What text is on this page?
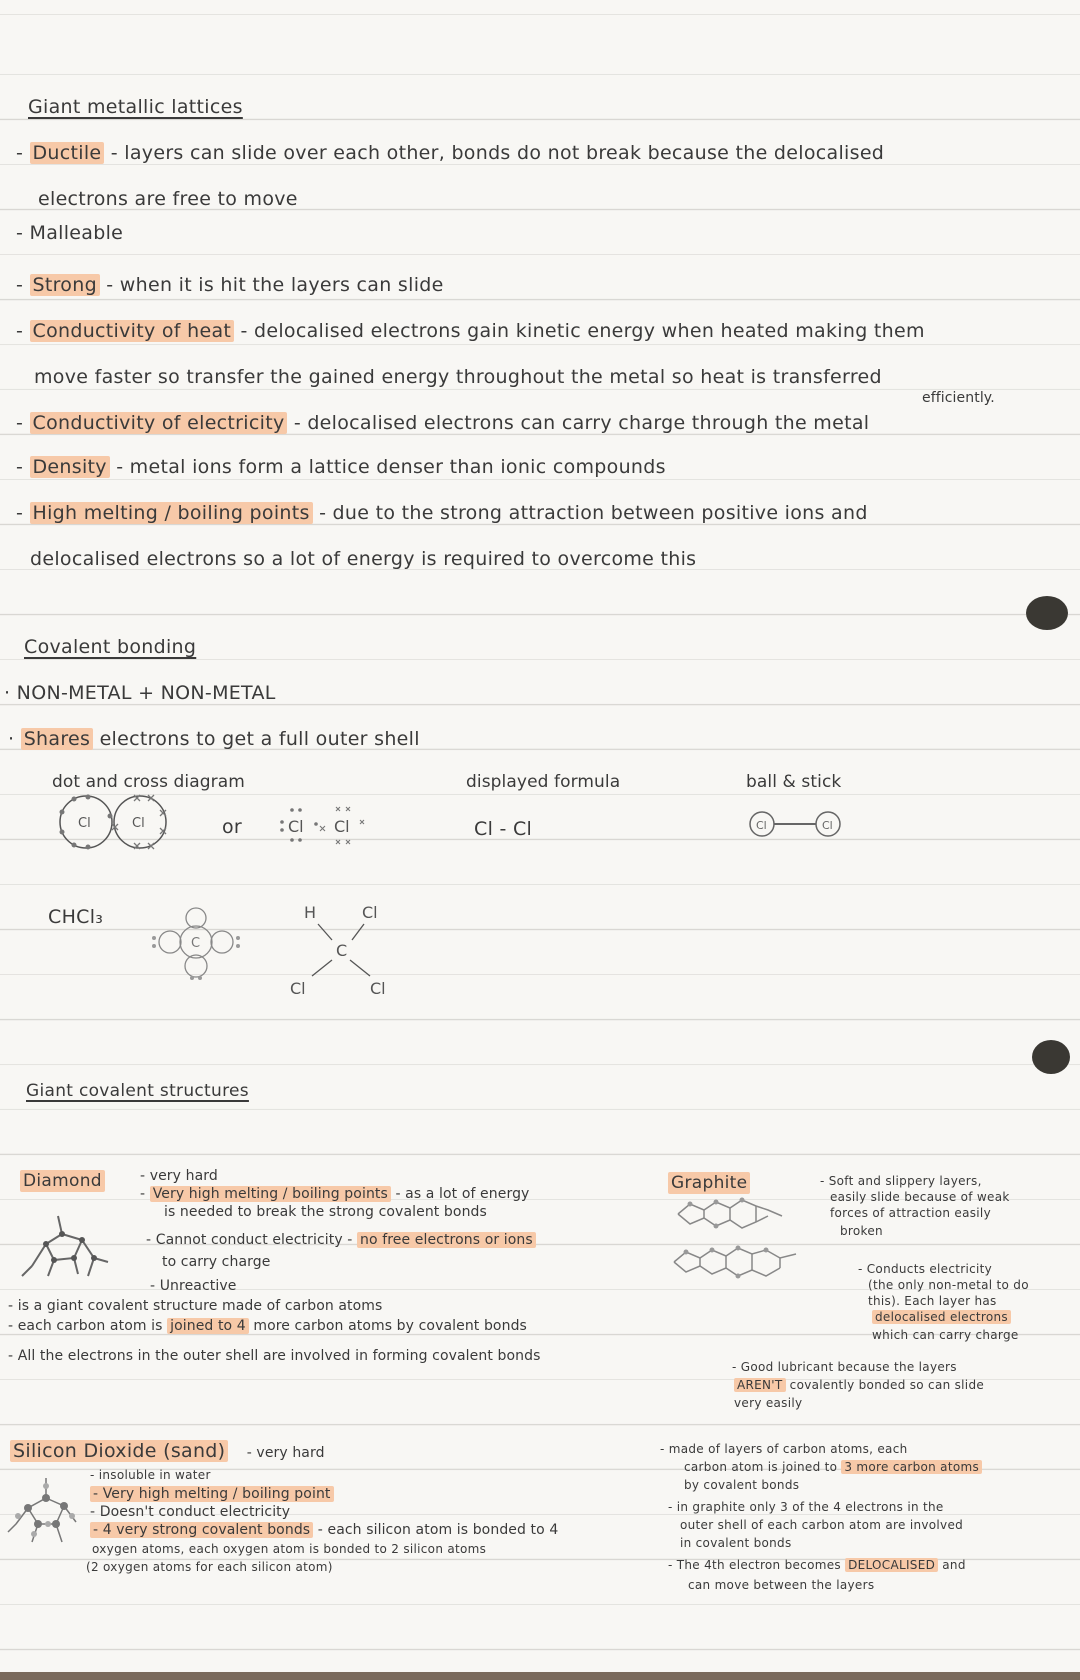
Giant metallic lattices
- Ductile - layers can slide over each other, bonds do not break because the delocalised
electrons are free to move
- Malleable
- Strong - when it is hit the layers can slide
- Conductivity of heat - delocalised electrons gain kinetic energy when heated making them
move faster so transfer the gained energy throughout the metal so heat is transferred
efficiently.
- Conductivity of electricity - delocalised electrons can carry charge through the metal
- Density - metal ions form a lattice denser than ionic compounds
- High melting / boiling points - due to the strong attraction between positive ions and
delocalised electrons so a lot of energy is required to overcome this
Covalent bonding
· NON-METAL + NON-METAL
· Shares electrons to get a full outer shell
dot and cross diagram	displayed formula	ball & stick
Cl	Cl	or	Cl Cl	Cl - Cl	Cl	Cl
CHCl₃
C
H	Cl
C
Cl	Cl
Giant covalent structures
Diamond	- very hard
- Very high melting / boiling points - as a lot of energy
is needed to break the strong covalent bonds
- Cannot conduct electricity - no free electrons or ions
to carry charge
- Unreactive
- is a giant covalent structure made of carbon atoms
- each carbon atom is joined to 4 more carbon atoms by covalent bonds
- All the electrons in the outer shell are involved in forming covalent bonds
Graphite	- Soft and slippery layers,
easily slide because of weak
forces of attraction easily
broken
- Conducts electricity
(the only non-metal to do
this). Each layer has
delocalised electrons
which can carry charge
- Good lubricant because the layers
AREN'T covalently bonded so can slide
very easily
Silicon Dioxide (sand) - very hard
- insoluble in water
- Very high melting / boiling point
- Doesn't conduct electricity
- 4 very strong covalent bonds - each silicon atom is bonded to 4
oxygen atoms, each oxygen atom is bonded to 2 silicon atoms
(2 oxygen atoms for each silicon atom)
- made of layers of carbon atoms, each
carbon atom is joined to 3 more carbon atoms
by covalent bonds
- in graphite only 3 of the 4 electrons in the
outer shell of each carbon atom are involved
in covalent bonds
- The 4th electron becomes DELOCALISED and
can move between the layers
